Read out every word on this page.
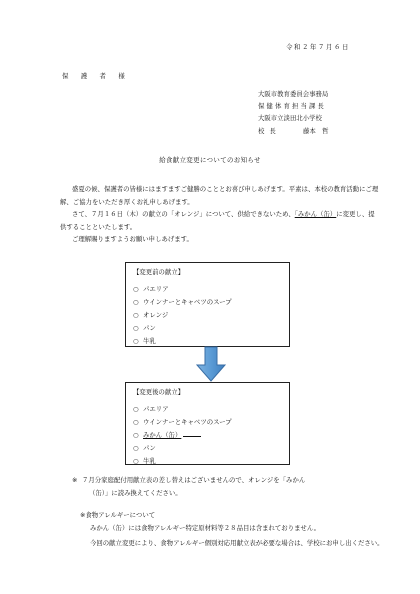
令和２年７月６日
保　護　者　様
大阪市教育委員会事務局
保健体育担当課長
大阪市立淡田北小学校
校長	藤本　哲
給食献立変更についてのお知らせ
盛夏の候、保護者の皆様にはますますご健勝のこととお喜び申しあげます。平素は、本校の教育活動にご理解、ご協力をいただき厚くお礼申しあげます。
さて、７月１６日（木）の献立の「オレンジ」について、供給できないため、「みかん（缶）に変更し、提供することといたします。
ご理解賜りますようお願い申しあげます。
【変更前の献立】
○ パエリア
○ ウインナーとキャベツのスープ
○ オレンジ
○ パン
○ 牛乳
【変更後の献立】
○ パエリア
○ ウインナーとキャベツのスープ
○ みかん（缶）
○ パン
○ 牛乳
※ ７月分家庭配付用献立表の差し替えはございませんので、オレンジを「みかん
（缶）」に読み換えてください。
※食物アレルギーについて
みかん（缶）には食物アレルギー特定原材料等２８品目は含まれておりません。
今回の献立変更により、食物アレルギー個別対応用献立表が必要な場合は、学校にお申し出ください。
